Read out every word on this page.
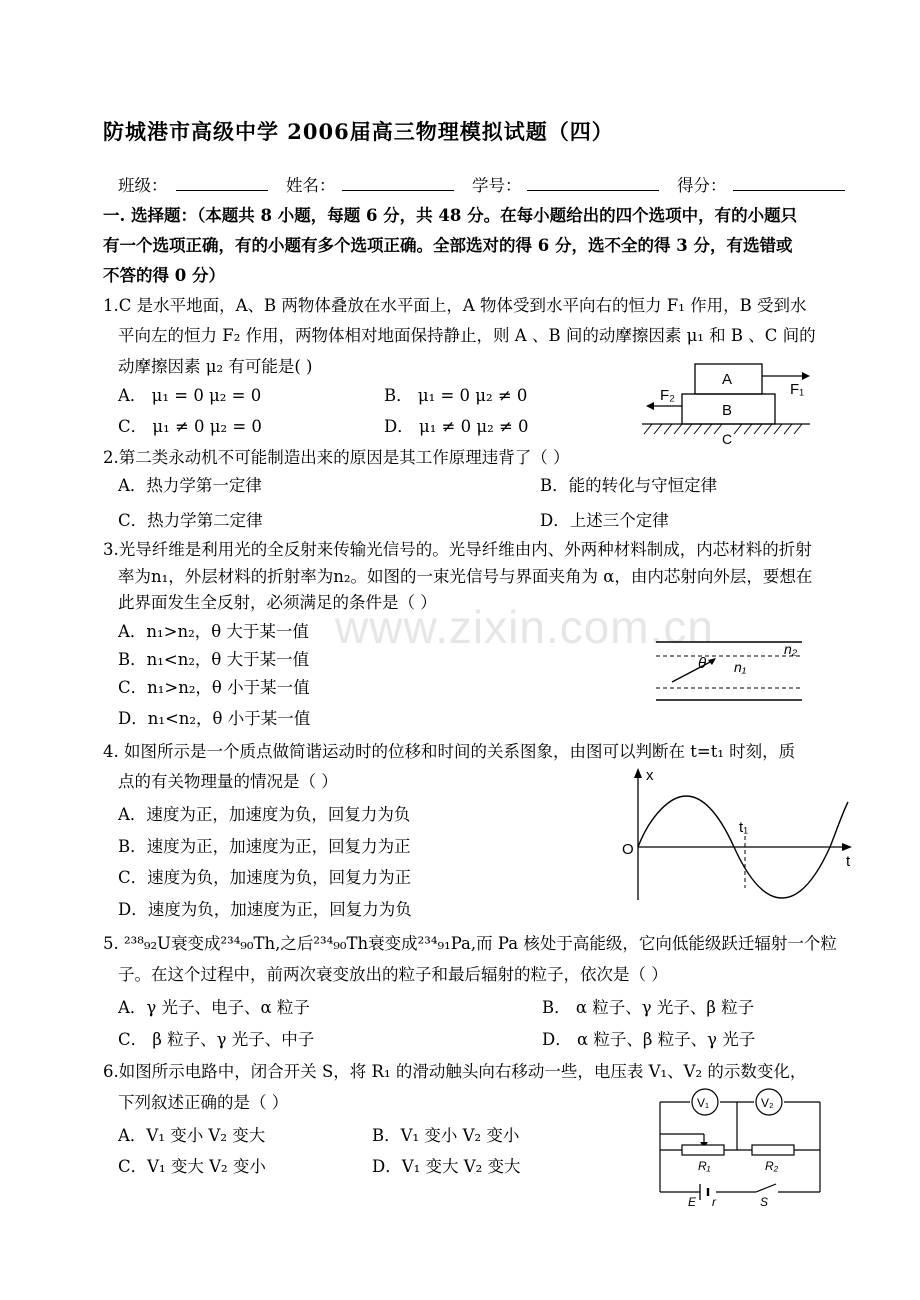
www.zixin.com.cn
防城港市高级中学 2006届高三物理模拟试题（四）
班级：	姓名：	学号：	得分：
一. 选择题：（本题共 8 小题，每题 6 分，共 48 分。在每小题给出的四个选项中，有的小题只
有一个选项正确，有的小题有多个选项正确。全部选对的得 6 分，选不全的得 3 分，有选错或
不答的得 0 分）
1.C 是水平地面，A、B 两物体叠放在水平面上，A 物体受到水平向右的恒力 F₁ 作用，B 受到水
平向左的恒力 F₂ 作用，两物体相对地面保持静止，则 A 、B 间的动摩擦因素 μ₁ 和 B 、C 间的
动摩擦因素 μ₂ 有可能是( )
A． μ₁ = 0 μ₂ = 0	B． μ₁ = 0 μ₂ ≠ 0
C． μ₁ ≠ 0 μ₂ = 0	D． μ₁ ≠ 0 μ₂ ≠ 0
A
B
C
F₁
F₂
2.第二类永动机不可能制造出来的原因是其工作原理违背了（ ）
A．热力学第一定律	B．能的转化与守恒定律
C．热力学第二定律	D．上述三个定律
3.光导纤维是利用光的全反射来传输光信号的。光导纤维由内、外两种材料制成，内芯材料的折射
率为n₁，外层材料的折射率为n₂。如图的一束光信号与界面夹角为 α，由内芯射向外层，要想在
此界面发生全反射，必须满足的条件是（ ）
A．n₁>n₂，θ 大于某一值
B．n₁<n₂，θ 大于某一值
C．n₁>n₂，θ 小于某一值
D．n₁<n₂，θ 小于某一值
θ n₁
n₂
4. 如图所示是一个质点做简谐运动时的位移和时间的关系图象，由图可以判断在 t=t₁ 时刻，质
点的有关物理量的情况是（ ）
A．速度为正，加速度为负，回复力为负
B．速度为正，加速度为正，回复力为正
C．速度为负，加速度为负，回复力为正
D．速度为负，加速度为正，回复力为负
x
t
O
t₁
5. ²³⁸₉₂U衰变成²³⁴₉₀Th,之后²³⁴₉₀Th衰变成²³⁴₉₁Pa,而 Pa 核处于高能级，它向低能级跃迁辐射一个粒
子。在这个过程中，前两次衰变放出的粒子和最后辐射的粒子，依次是（ ）
A．γ 光子、电子、α 粒子	B． α 粒子、γ 光子、β 粒子
C． β 粒子、γ 光子、中子	D． α 粒子、β 粒子、γ 光子
6.如图所示电路中，闭合开关 S，将 R₁ 的滑动触头向右移动一些，电压表 V₁、V₂ 的示数变化，
下列叙述正确的是（ ）
A．V₁ 变小 V₂ 变大	B．V₁ 变小 V₂ 变小
C．V₁ 变大 V₂ 变小	D．V₁ 变大 V₂ 变大
V₁	V₂
R₁	R₂
E r	S
